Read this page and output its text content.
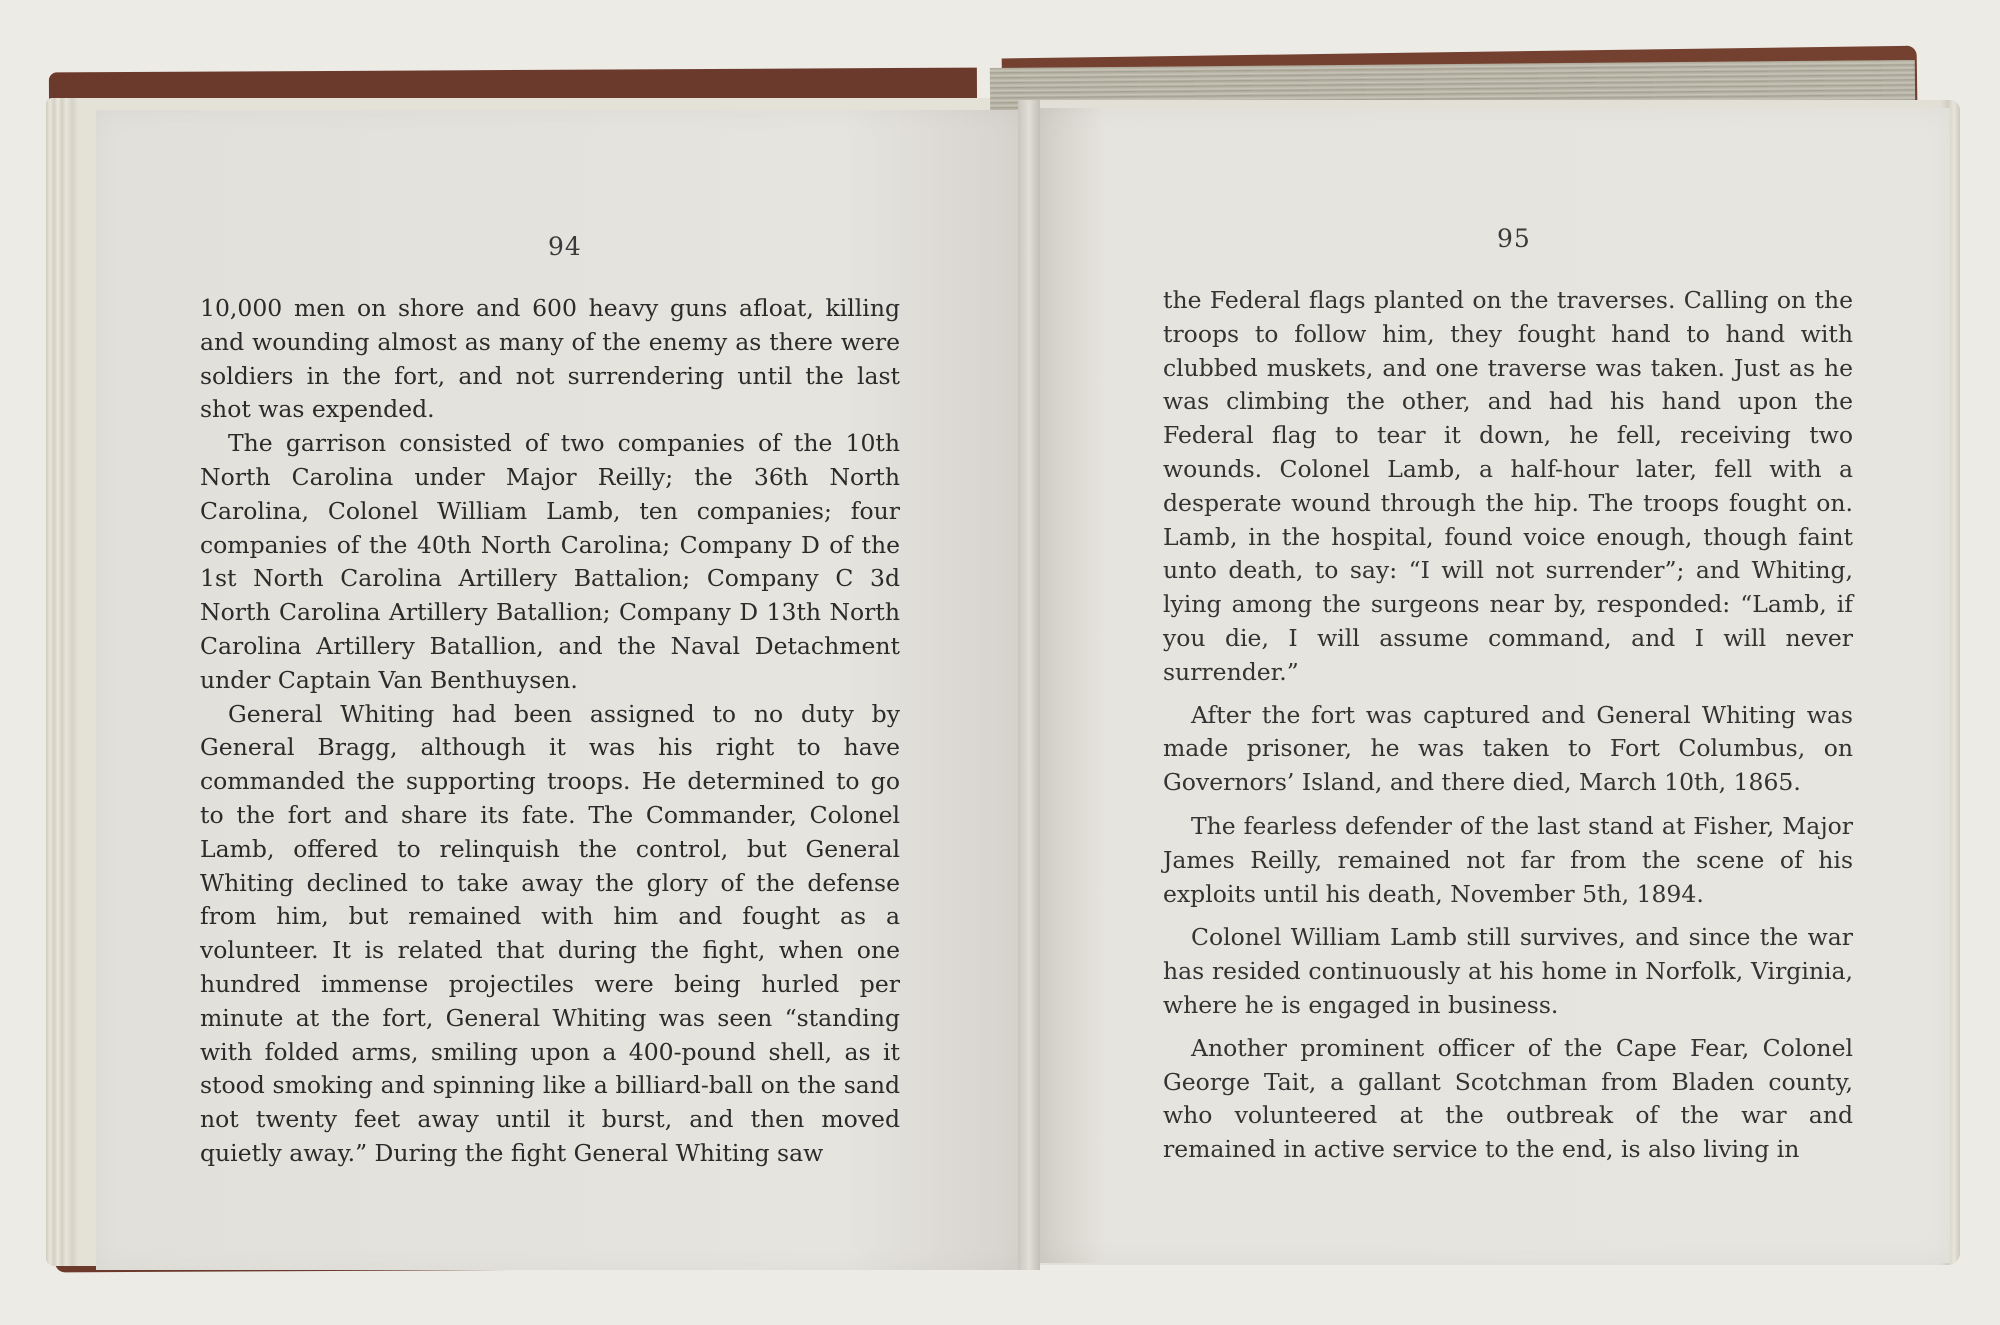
94	95

10,000 men on shore and 600 heavy guns afloat, killing and wounding almost as many of the enemy as there were soldiers in the fort, and not surrendering until the last shot was expended.

The garrison consisted of two companies of the 10th North Carolina under Major Reilly; the 36th North Carolina, Colonel William Lamb, ten companies; four companies of the 40th North Carolina; Company D of the 1st North Carolina Artillery Battalion; Company C 3d North Carolina Artillery Batallion; Company D 13th North Carolina Artillery Batallion, and the Naval Detachment under Captain Van Benthuysen.

General Whiting had been assigned to no duty by General Bragg, although it was his right to have commanded the supporting troops. He determined to go to the fort and share its fate. The Commander, Colonel Lamb, offered to relinquish the control, but General Whiting declined to take away the glory of the defense from him, but remained with him and fought as a volunteer. It is related that during the fight, when one hundred immense projectiles were being hurled per minute at the fort, General Whiting was seen “standing with folded arms, smiling upon a 400-pound shell, as it stood smoking and spinning like a billiard-ball on the sand not twenty feet away until it burst, and then moved quietly away.” During the fight General Whiting saw

the Federal flags planted on the traverses. Calling on the troops to follow him, they fought hand to hand with clubbed muskets, and one traverse was taken. Just as he was climbing the other, and had his hand upon the Federal flag to tear it down, he fell, receiving two wounds. Colonel Lamb, a half-hour later, fell with a desperate wound through the hip. The troops fought on. Lamb, in the hospital, found voice enough, though faint unto death, to say: “I will not surrender”; and Whiting, lying among the surgeons near by, responded: “Lamb, if you die, I will assume command, and I will never surrender.”

After the fort was captured and General Whiting was made prisoner, he was taken to Fort Columbus, on Governors’ Island, and there died, March 10th, 1865.

The fearless defender of the last stand at Fisher, Major James Reilly, remained not far from the scene of his exploits until his death, November 5th, 1894.

Colonel William Lamb still survives, and since the war has resided continuously at his home in Norfolk, Virginia, where he is engaged in business.

Another prominent officer of the Cape Fear, Colonel George Tait, a gallant Scotchman from Bladen county, who volunteered at the outbreak of the war and remained in active service to the end, is also living in
